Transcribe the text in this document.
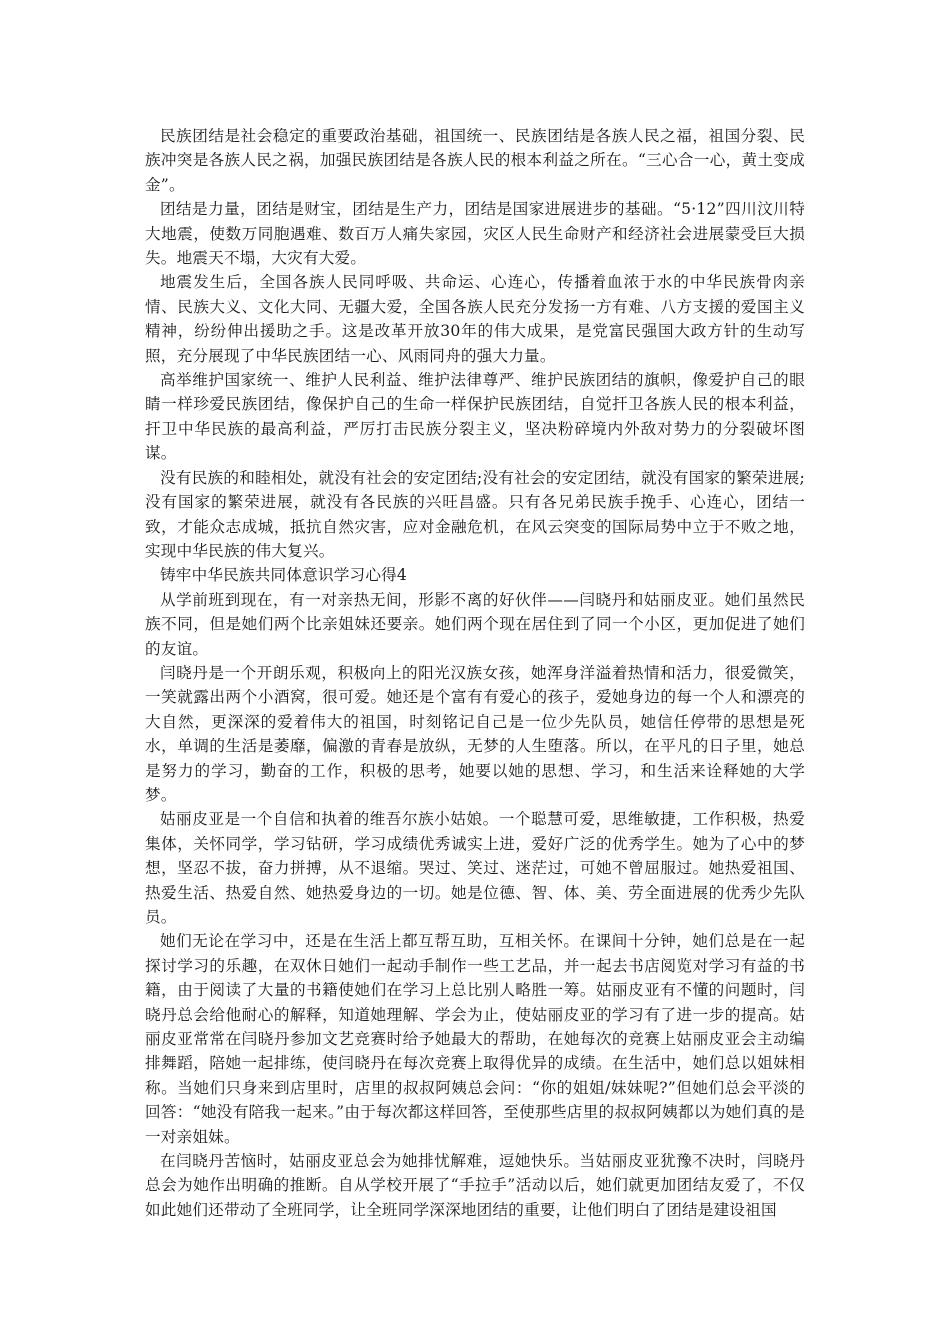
民族团结是社会稳定的重要政治基础，祖国统一、民族团结是各族人民之福，祖国分裂、民族冲突是各族人民之祸，加强民族团结是各族人民的根本利益之所在。“三心合一心，黄土变成金”。

团结是力量，团结是财宝，团结是生产力，团结是国家进展进步的基础。“5·12”四川汶川特大地震，使数万同胞遇难、数百万人痛失家园，灾区人民生命财产和经济社会进展蒙受巨大损失。地震天不塌，大灾有大爱。

地震发生后，全国各族人民同呼吸、共命运、心连心，传播着血浓于水的中华民族骨肉亲情、民族大义、文化大同、无疆大爱，全国各族人民充分发扬一方有难、八方支援的爱国主义精神，纷纷伸出援助之手。这是改革开放30年的伟大成果，是党富民强国大政方针的生动写照，充分展现了中华民族团结一心、风雨同舟的强大力量。

高举维护国家统一、维护人民利益、维护法律尊严、维护民族团结的旗帜，像爱护自己的眼睛一样珍爱民族团结，像保护自己的生命一样保护民族团结，自觉扞卫各族人民的根本利益，扞卫中华民族的最高利益，严厉打击民族分裂主义，坚决粉碎境内外敌对势力的分裂破坏图谋。

没有民族的和睦相处，就没有社会的安定团结;没有社会的安定团结，就没有国家的繁荣进展;没有国家的繁荣进展，就没有各民族的兴旺昌盛。只有各兄弟民族手挽手、心连心，团结一致，才能众志成城，抵抗自然灾害，应对金融危机，在风云突变的国际局势中立于不败之地，实现中华民族的伟大复兴。

铸牢中华民族共同体意识学习心得4

从学前班到现在，有一对亲热无间，形影不离的好伙伴——闫晓丹和姑丽皮亚。她们虽然民族不同，但是她们两个比亲姐妹还要亲。她们两个现在居住到了同一个小区，更加促进了她们的友谊。

闫晓丹是一个开朗乐观，积极向上的阳光汉族女孩，她浑身洋溢着热情和活力，很爱微笑，一笑就露出两个小酒窝，很可爱。她还是个富有有爱心的孩子，爱她身边的每一个人和漂亮的大自然，更深深的爱着伟大的祖国，时刻铭记自己是一位少先队员，她信任停带的思想是死水，单调的生活是萎靡，偏激的青春是放纵，无梦的人生堕落。所以，在平凡的日子里，她总是努力的学习，勤奋的工作，积极的思考，她要以她的思想、学习，和生活来诠释她的大学梦。

姑丽皮亚是一个自信和执着的维吾尔族小姑娘。一个聪慧可爱，思维敏捷，工作积极，热爱集体，关怀同学，学习钻研，学习成绩优秀诚实上进，爱好广泛的优秀学生。她为了心中的梦想，坚忍不拔，奋力拼搏，从不退缩。哭过、笑过、迷茫过，可她不曾屈服过。她热爱祖国、热爱生活、热爱自然、她热爱身边的一切。她是位德、智、体、美、劳全面进展的优秀少先队员。

她们无论在学习中，还是在生活上都互帮互助，互相关怀。在课间十分钟，她们总是在一起探讨学习的乐趣，在双休日她们一起动手制作一些工艺品，并一起去书店阅览对学习有益的书籍，由于阅读了大量的书籍使她们在学习上总比别人略胜一筹。姑丽皮亚有不懂的问题时，闫晓丹总会给他耐心的解释，知道她理解、学会为止，使姑丽皮亚的学习有了进一步的提高。姑丽皮亚常常在闫晓丹参加文艺竞赛时给予她最大的帮助，在她每次的竞赛上姑丽皮亚会主动编排舞蹈，陪她一起排练，使闫晓丹在每次竞赛上取得优异的成绩。在生活中，她们总以姐妹相称。当她们只身来到店里时，店里的叔叔阿姨总会问：“你的姐姐/妹妹呢?”但她们总会平淡的回答：“她没有陪我一起来。”由于每次都这样回答，至使那些店里的叔叔阿姨都以为她们真的是一对亲姐妹。

在闫晓丹苦恼时，姑丽皮亚总会为她排忧解难，逗她快乐。当姑丽皮亚犹豫不决时，闫晓丹总会为她作出明确的推断。自从学校开展了“手拉手”活动以后，她们就更加团结友爱了，不仅如此她们还带动了全班同学，让全班同学深深地团结的重要，让他们明白了团结是建设祖国
